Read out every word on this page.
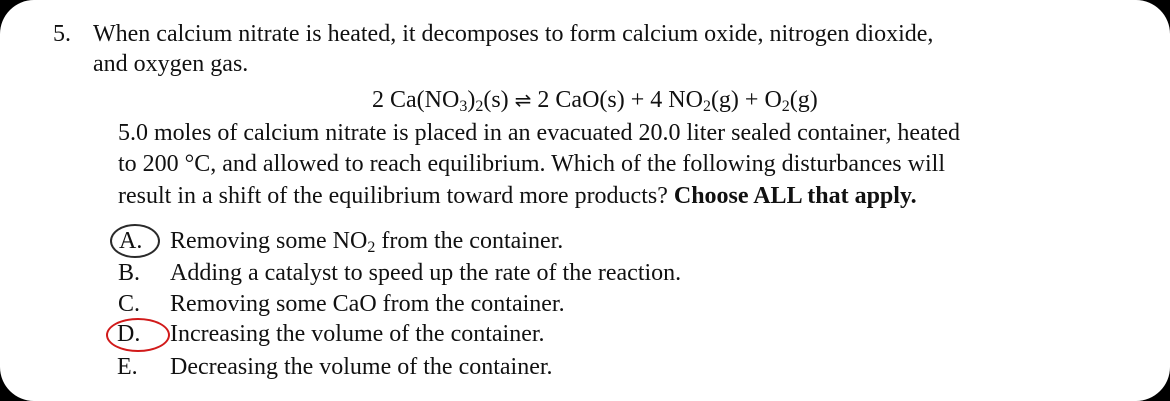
5. When calcium nitrate is heated, it decomposes to form calcium oxide, nitrogen dioxide,
and oxygen gas.
2 $Ca(NO_3)_2(s)$ ⇌ 2 CaO(s) + 4 $NO_2(g) + O_2(g)$
5.0 moles of calcium nitrate is placed in an evacuated 20.0 liter sealed container, heated
to 200 °C, and allowed to reach equilibrium. Which of the following disturbances will
result in a shift of the equilibrium toward more products? Choose ALL that apply.
A. Removing some $NO_2$ from the container.
B. Adding a catalyst to speed up the rate of the reaction.
C. Removing some CaO from the container.
D. Increasing the volume of the container.
E. Decreasing the volume of the container.
